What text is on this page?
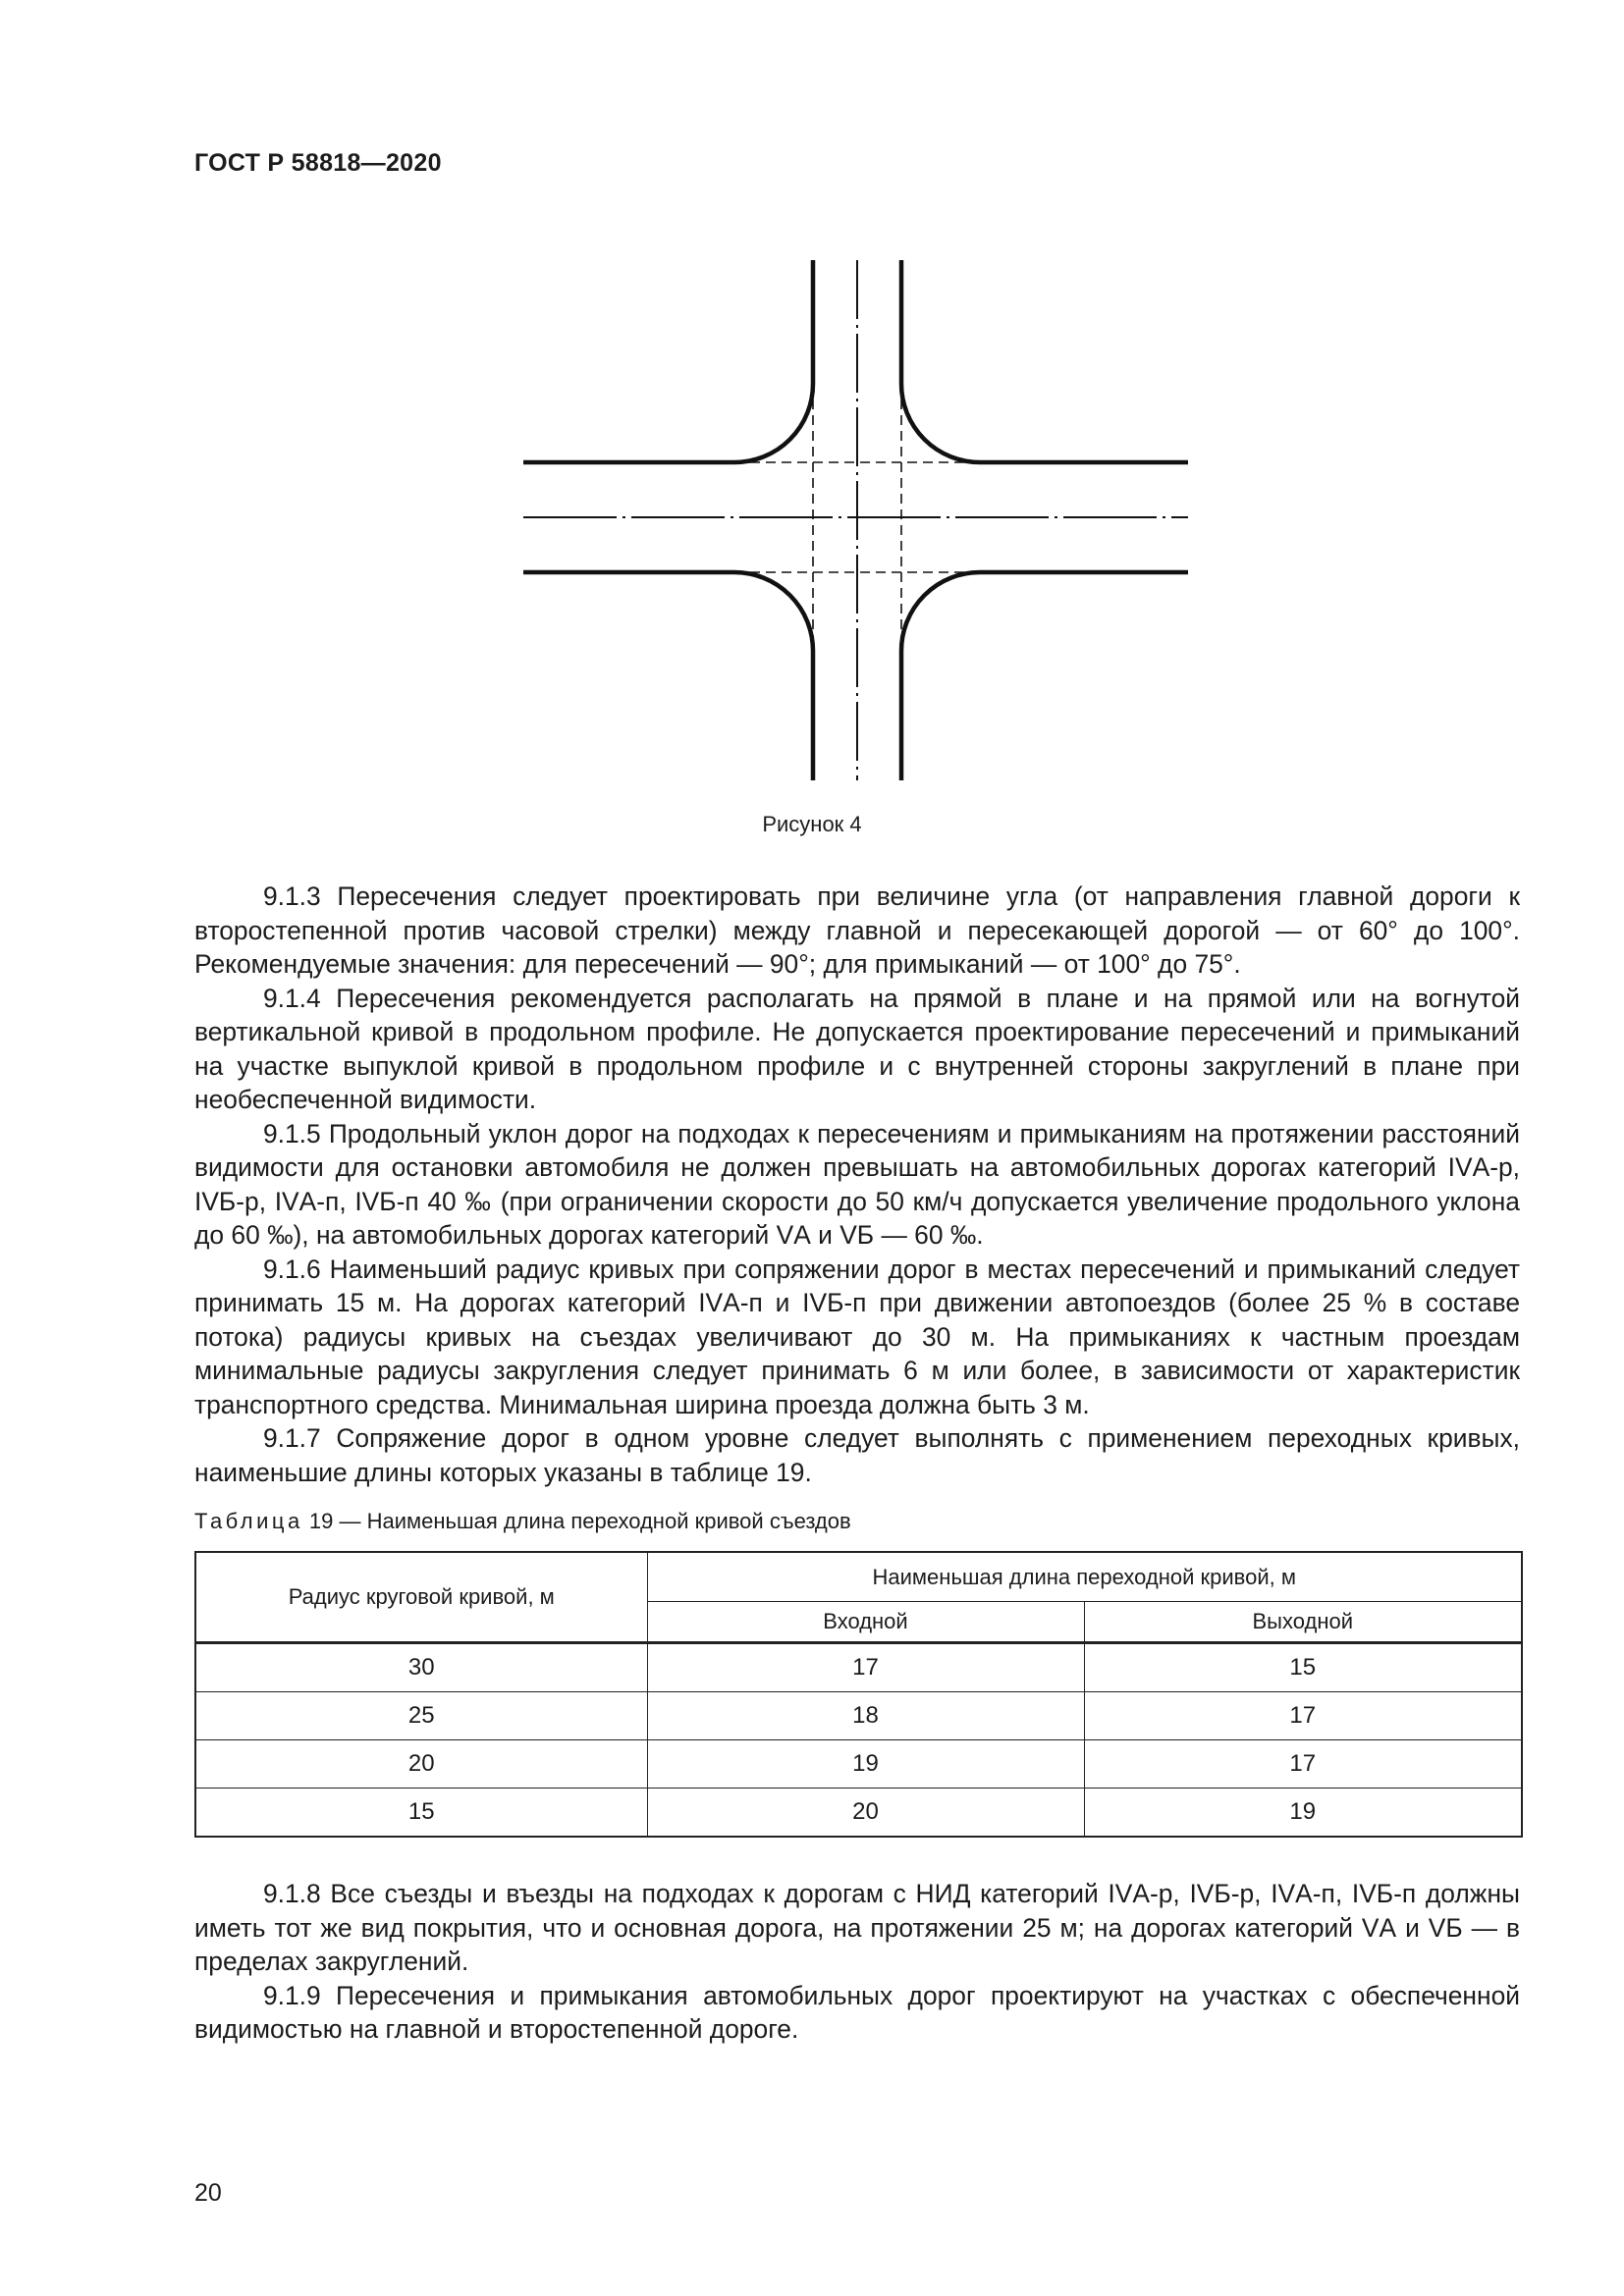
ГОСТ Р 58818—2020
Рисунок 4

9.1.3 Пересечения следует проектировать при величине угла (от направления главной дороги к второстепенной против часовой стрелки) между главной и пересекающей дорогой — от 60° до 100°. Рекомендуемые значения: для пересечений — 90°; для примыканий — от 100° до 75°.

9.1.4 Пересечения рекомендуется располагать на прямой в плане и на прямой или на вогнутой вертикальной кривой в продольном профиле. Не допускается проектирование пересечений и примыканий на участке выпуклой кривой в продольном профиле и с внутренней стороны закруглений в плане при необеспеченной видимости.

9.1.5 Продольный уклон дорог на подходах к пересечениям и примыканиям на протяжении расстояний видимости для остановки автомобиля не должен превышать на автомобильных дорогах категорий IVА-р, IVБ-р, IVА-п, IVБ-п 40 ‰ (при ограничении скорости до 50 км/ч допускается увеличение продольного уклона до 60 ‰), на автомобильных дорогах категорий VА и VБ — 60 ‰.

9.1.6 Наименьший радиус кривых при сопряжении дорог в местах пересечений и примыканий следует принимать 15 м. На дорогах категорий IVА-п и IVБ-п при движении автопоездов (более 25 % в составе потока) радиусы кривых на съездах увеличивают до 30 м. На примыканиях к частным проездам минимальные радиусы закругления следует принимать 6 м или более, в зависимости от характеристик транспортного средства. Минимальная ширина проезда должна быть 3 м.

9.1.7 Сопряжение дорог в одном уровне следует выполнять с применением переходных кривых, наименьшие длины которых указаны в таблице 19.

Таблица 19 — Наименьшая длина переходной кривой съездов
Радиус круговой кривой, м	Наименьшая длина переходной кривой, м	
	Входной	Выходной
30	17	15
25	18	17
20	19	17
15	20	19

9.1.8 Все съезды и въезды на подходах к дорогам с НИД категорий IVА-р, IVБ-р, IVА-п, IVБ-п должны иметь тот же вид покрытия, что и основная дорога, на протяжении 25 м; на дорогах категорий VА и VБ — в пределах закруглений.

9.1.9 Пересечения и примыкания автомобильных дорог проектируют на участках с обеспеченной видимостью на главной и второстепенной дороге.

20
